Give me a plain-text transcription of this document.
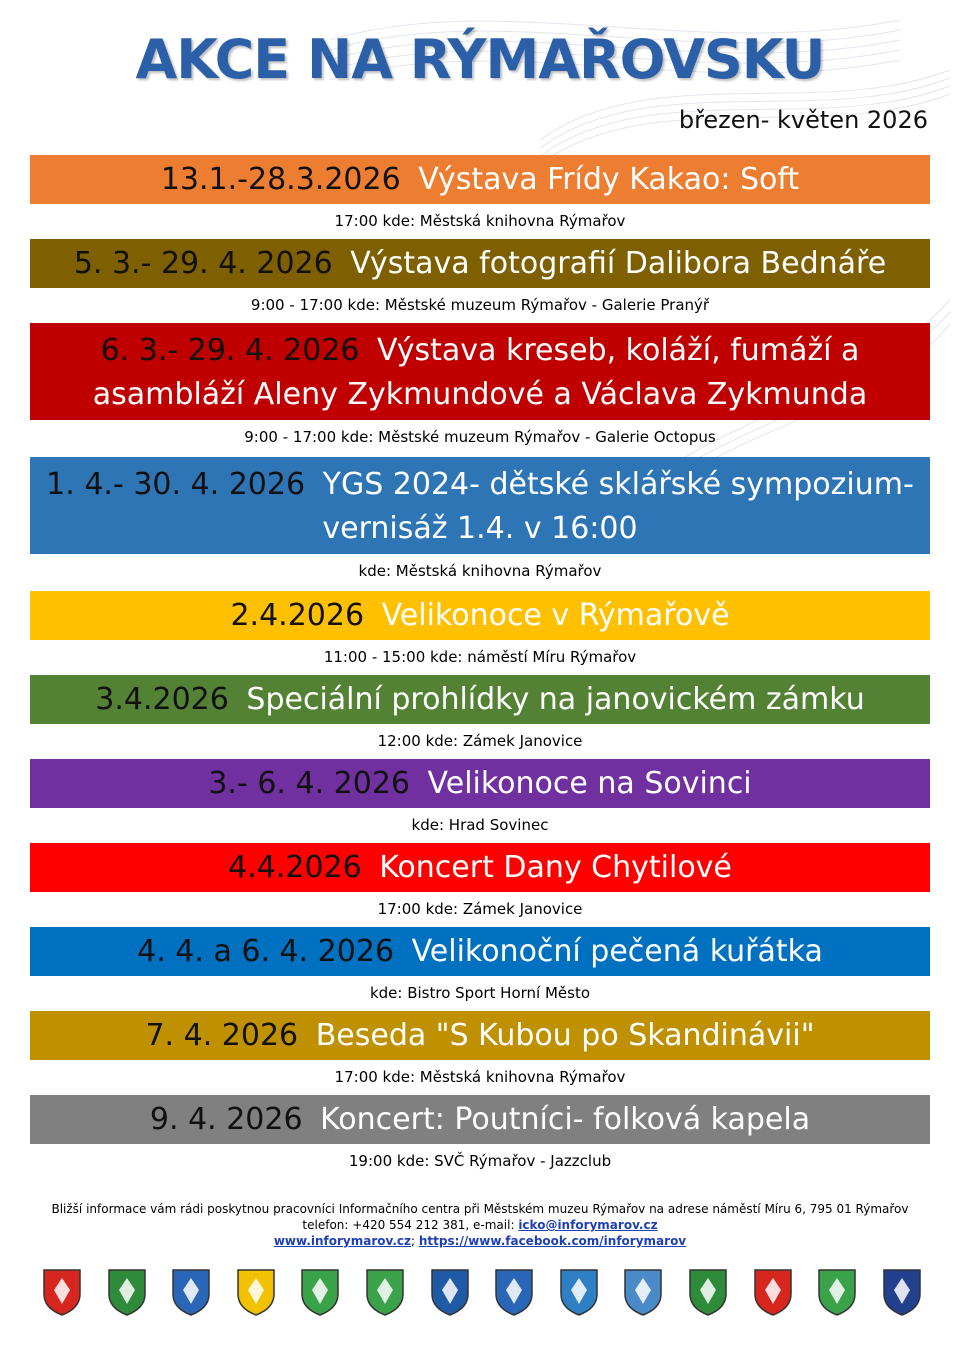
AKCE NA RÝMAŘOVSKU
březen- květen 2026
13.1.-28.3.2026 Výstava Frídy Kakao: Soft
17:00 kde: Městská knihovna Rýmařov
5. 3.- 29. 4. 2026 Výstava fotografií Dalibora Bednáře
9:00 - 17:00 kde: Městské muzeum Rýmařov - Galerie Pranýř
6. 3.- 29. 4. 2026 Výstava kreseb, koláží, fumáží a asambláží Aleny Zykmundové a Václava Zykmunda
9:00 - 17:00 kde: Městské muzeum Rýmařov - Galerie Octopus
1. 4.- 30. 4. 2026 YGS 2024- dětské sklářské sympozium- vernisáž 1.4. v 16:00
kde: Městská knihovna Rýmařov
2.4.2026 Velikonoce v Rýmařově
11:00 - 15:00 kde: náměstí Míru Rýmařov
3.4.2026 Speciální prohlídky na janovickém zámku
12:00 kde: Zámek Janovice
3.- 6. 4. 2026 Velikonoce na Sovinci
kde: Hrad Sovinec
4.4.2026 Koncert Dany Chytilové
17:00 kde: Zámek Janovice
4. 4. a 6. 4. 2026 Velikonoční pečená kuřátka
kde: Bistro Sport Horní Město
7. 4. 2026 Beseda "S Kubou po Skandinávii"
17:00 kde: Městská knihovna Rýmařov
9. 4. 2026 Koncert: Poutníci- folková kapela
19:00 kde: SVČ Rýmařov - Jazzclub
Bližší informace vám rádi poskytnou pracovníci Informačního centra při Městském muzeu Rýmařov na adrese náměstí Míru 6, 795 01 Rýmařov
telefon: +420 554 212 381, e-mail: icko@inforymarov.cz
www.inforymarov.cz; https://www.facebook.com/inforymarov
